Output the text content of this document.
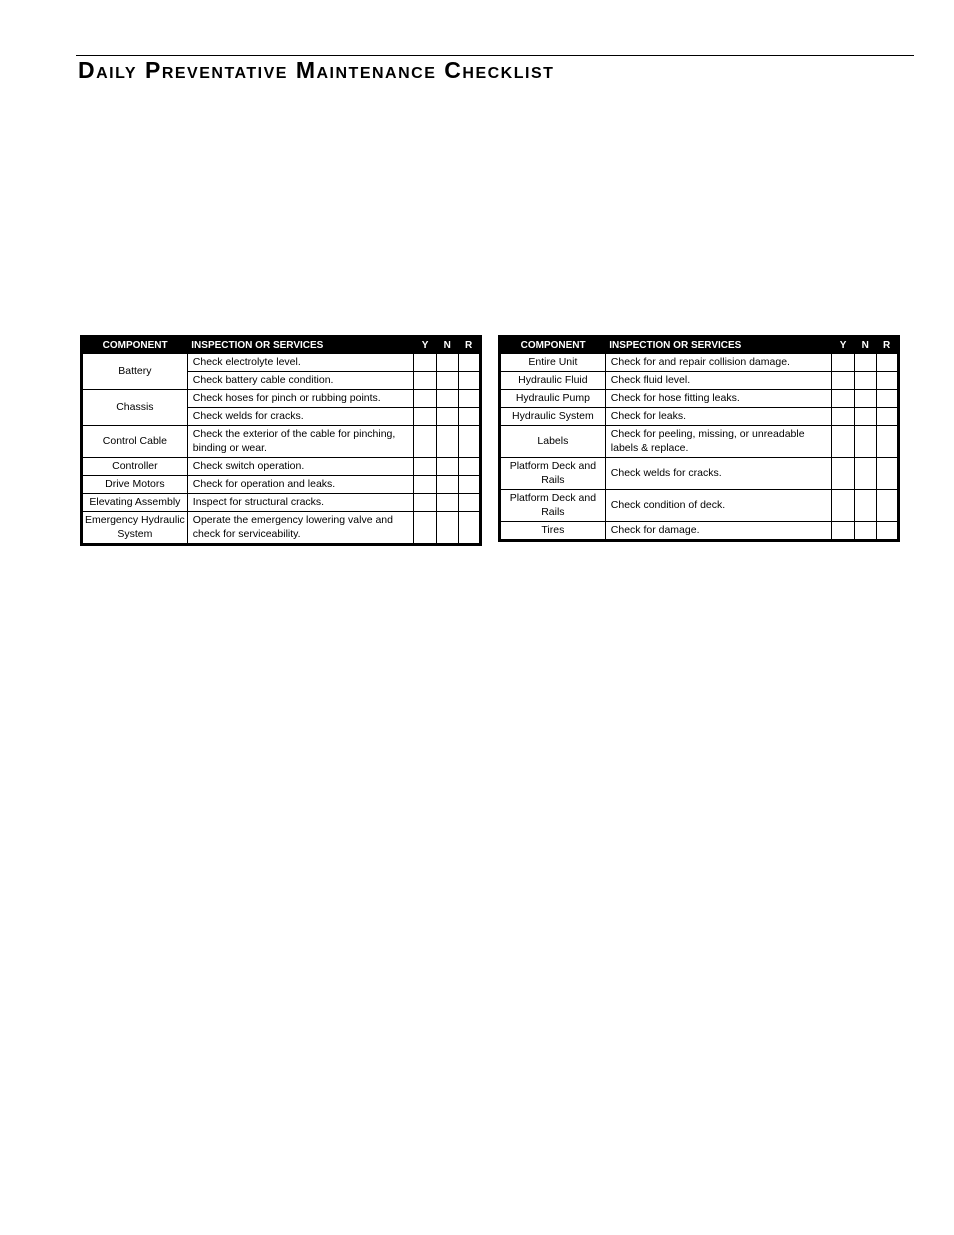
Daily Preventative Maintenance Checklist
COMPONENT	INSPECTION OR SERVICES	Y	N	R
Battery	Check electrolyte level.			
	Check battery cable condition.			
Chassis	Check hoses for pinch or rubbing points.			
	Check welds for cracks.			
Control Cable	Check the exterior of the cable for pinching, binding or wear.			
Controller	Check switch operation.			
Drive Motors	Check for operation and leaks.			
Elevating Assembly	Inspect for structural cracks.			
Emergency Hydraulic System	Operate the emergency lowering valve and check for serviceability.			
COMPONENT	INSPECTION OR SERVICES	Y	N	R
Entire Unit	Check for and repair collision damage.			
Hydraulic Fluid	Check fluid level.			
Hydraulic Pump	Check for hose fitting leaks.			
Hydraulic System	Check for leaks.			
Labels	Check for peeling, missing, or unreadable labels & replace.			
Platform Deck and Rails	Check welds for cracks.			
Platform Deck and Rails	Check condition of deck.			
Tires	Check for damage.			
